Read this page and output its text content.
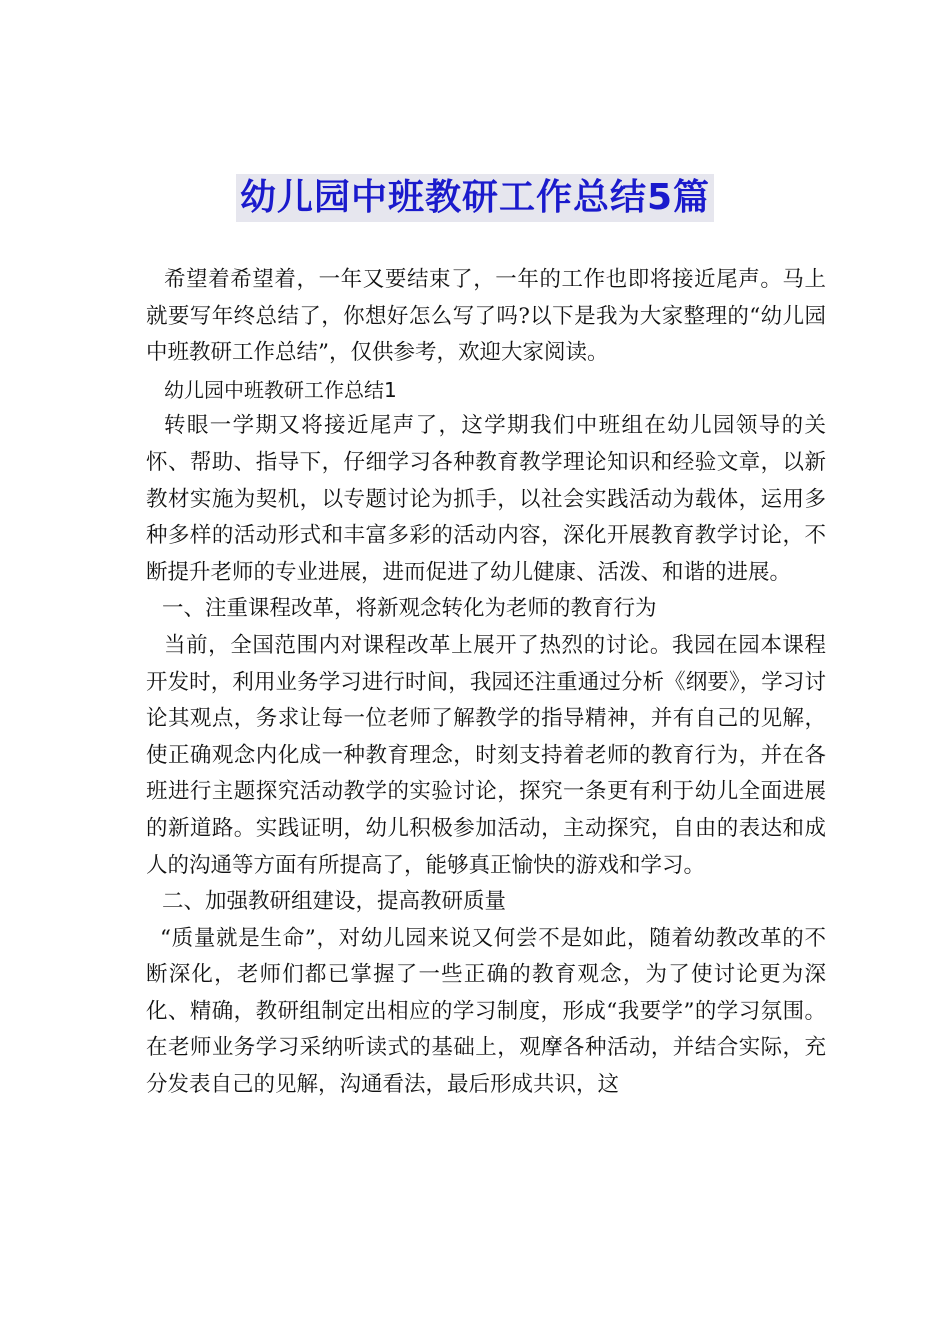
幼儿园中班教研工作总结5篇

希望着希望着，一年又要结束了，一年的工作也即将接近尾声。马上就要写年终总结了，你想好怎么写了吗?以下是我为大家整理的“幼儿园中班教研工作总结”，仅供参考，欢迎大家阅读。

幼儿园中班教研工作总结1

转眼一学期又将接近尾声了，这学期我们中班组在幼儿园领导的关怀、帮助、指导下，仔细学习各种教育教学理论知识和经验文章，以新教材实施为契机，以专题讨论为抓手，以社会实践活动为载体，运用多种多样的活动形式和丰富多彩的活动内容，深化开展教育教学讨论，不断提升老师的专业进展，进而促进了幼儿健康、活泼、和谐的进展。

一、注重课程改革，将新观念转化为老师的教育行为

当前，全国范围内对课程改革上展开了热烈的讨论。我园在园本课程开发时，利用业务学习进行时间，我园还注重通过分析《纲要》，学习讨论其观点，务求让每一位老师了解教学的指导精神，并有自己的见解，使正确观念内化成一种教育理念，时刻支持着老师的教育行为，并在各班进行主题探究活动教学的实验讨论，探究一条更有利于幼儿全面进展的新道路。实践证明，幼儿积极参加活动，主动探究，自由的表达和成人的沟通等方面有所提高了，能够真正愉快的游戏和学习。

二、加强教研组建设，提高教研质量

“质量就是生命”，对幼儿园来说又何尝不是如此，随着幼教改革的不断深化，老师们都已掌握了一些正确的教育观念，为了使讨论更为深化、精确，教研组制定出相应的学习制度，形成“我要学”的学习氛围。在老师业务学习采纳听读式的基础上，观摩各种活动，并结合实际，充分发表自己的见解，沟通看法，最后形成共识，这
